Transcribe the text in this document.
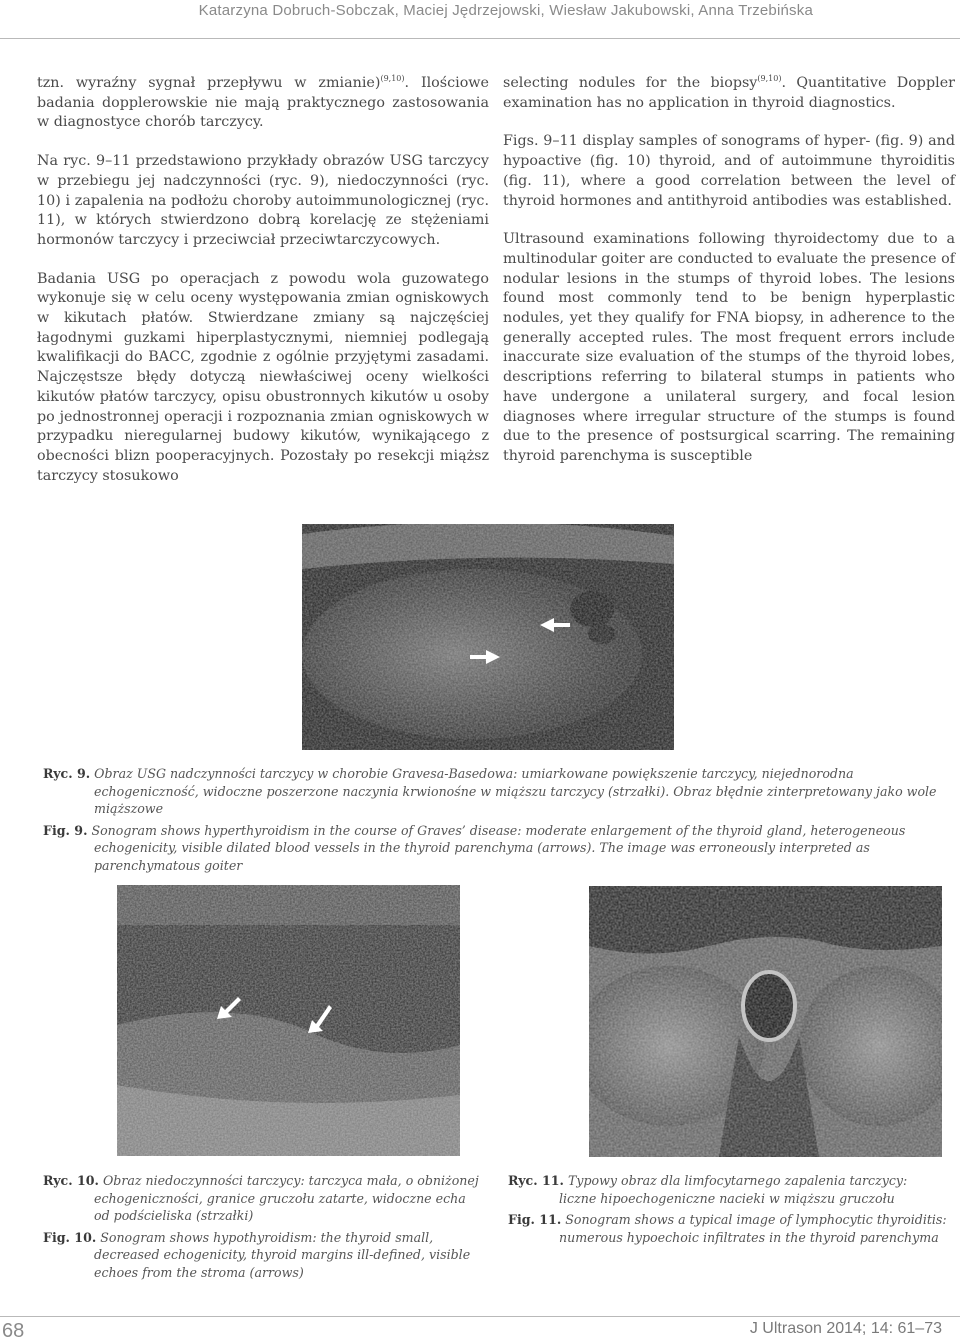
Katarzyna Dobruch-Sobczak, Maciej Jędrzejowski, Wiesław Jakubowski, Anna Trzebińska

tzn. wyraźny sygnał przepływu w zmianie)$^{(9,10)}$. Ilościowe badania dopplerowskie nie mają praktycznego zastosowania w diagnostyce chorób tarczycy.

Na ryc. 9–11 przedstawiono przykłady obrazów USG tarczycy w przebiegu jej nadczynności (ryc. 9), niedoczynności (ryc. 10) i zapalenia na podłożu choroby autoimmunologicznej (ryc. 11), w których stwierdzono dobrą korelację ze stężeniami hormonów tarczycy i przeciwciał przeciwtarczycowych.

Badania USG po operacjach z powodu wola guzowatego wykonuje się w celu oceny występowania zmian ogniskowych w kikutach płatów. Stwierdzane zmiany są najczęściej łagodnymi guzkami hiperplastycznymi, niemniej podlegają kwalifikacji do BACC, zgodnie z ogólnie przyjętymi zasadami. Najczęstsze błędy dotyczą niewłaściwej oceny wielkości kikutów płatów tarczycy, opisu obustronnych kikutów u osoby po jednostronnej operacji i rozpoznania zmian ogniskowych w przypadku nieregularnej budowy kikutów, wynikającego z obecności blizn pooperacyjnych. Pozostały po resekcji miąższ tarczycy stosukowo

selecting nodules for the biopsy$^{(9,10)}$. Quantitative Doppler examination has no application in thyroid diagnostics.

Figs. 9–11 display samples of sonograms of hyper- (fig. 9) and hypoactive (fig. 10) thyroid, and of autoimmune thyroiditis (fig. 11), where a good correlation between the level of thyroid hormones and antithyroid antibodies was established.

Ultrasound examinations following thyroidectomy due to a multinodular goiter are conducted to evaluate the presence of nodular lesions in the stumps of thyroid lobes. The lesions found most commonly tend to be benign hyperplastic nodules, yet they qualify for FNA biopsy, in adherence to the generally accepted rules. The most frequent errors include inaccurate size evaluation of the stumps of the thyroid lobes, descriptions referring to bilateral stumps in patients who have undergone a unilateral surgery, and focal lesion diagnoses where irregular structure of the stumps is found due to the presence of postsurgical scarring. The remaining thyroid parenchyma is susceptible

Ryc. 9. Obraz USG nadczynności tarczycy w chorobie Gravesa-Basedowa: umiarkowane powiększenie tarczycy, niejednorodna echogeniczność, widoczne poszerzone naczynia krwionośne w miąższu tarczycy (strzałki). Obraz błędnie zinterpretowany jako wole miąższowe
Fig. 9. Sonogram shows hyperthyroidism in the course of Graves’ disease: moderate enlargement of the thyroid gland, heterogeneous echogenicity, visible dilated blood vessels in the thyroid parenchyma (arrows). The image was erroneously interpreted as parenchymatous goiter
Ryc. 10. Obraz niedoczynności tarczycy: tarczyca mała, o obniżonej echogeniczności, granice gruczołu zatarte, widoczne echa od podścieliska (strzałki)
Fig. 10. Sonogram shows hypothyroidism: the thyroid small, decreased echogenicity, thyroid margins ill-defined, visible echoes from the stroma (arrows)
Ryc. 11. Typowy obraz dla limfocytarnego zapalenia tarczycy: liczne hipoechogeniczne nacieki w miąższu gruczołu
Fig. 11. Sonogram shows a typical image of lymphocytic thyroiditis: numerous hypoechoic infiltrates in the thyroid parenchyma
68	J Ultrason 2014; 14: 61–73
